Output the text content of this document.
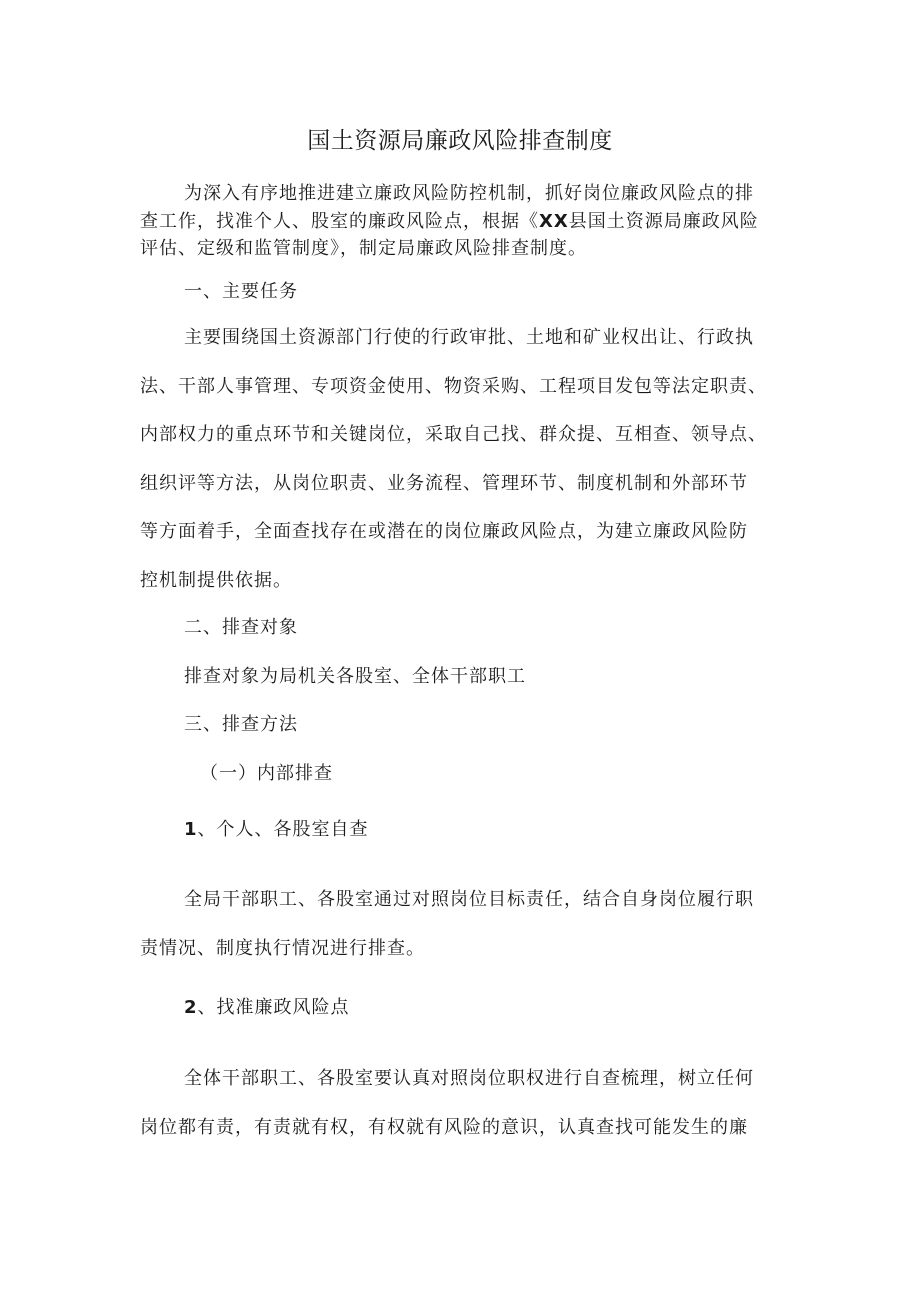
国土资源局廉政风险排查制度
为深入有序地推进建立廉政风险防控机制，抓好岗位廉政风险点的排
查工作，找准个人、股室的廉政风险点，根据《XX县国土资源局廉政风险
评估、定级和监管制度》，制定局廉政风险排查制度。
一、主要任务
主要围绕国土资源部门行使的行政审批、土地和矿业权出让、行政执
法、干部人事管理、专项资金使用、物资采购、工程项目发包等法定职责、
内部权力的重点环节和关键岗位，采取自己找、群众提、互相查、领导点、
组织评等方法，从岗位职责、业务流程、管理环节、制度机制和外部环节
等方面着手，全面查找存在或潜在的岗位廉政风险点，为建立廉政风险防
控机制提供依据。
二、排查对象
排查对象为局机关各股室、全体干部职工
三、排查方法
（一）内部排查
1、个人、各股室自查
全局干部职工、各股室通过对照岗位目标责任，结合自身岗位履行职
责情况、制度执行情况进行排查。
2、找准廉政风险点
全体干部职工、各股室要认真对照岗位职权进行自查梳理，树立任何
岗位都有责，有责就有权，有权就有风险的意识，认真查找可能发生的廉
